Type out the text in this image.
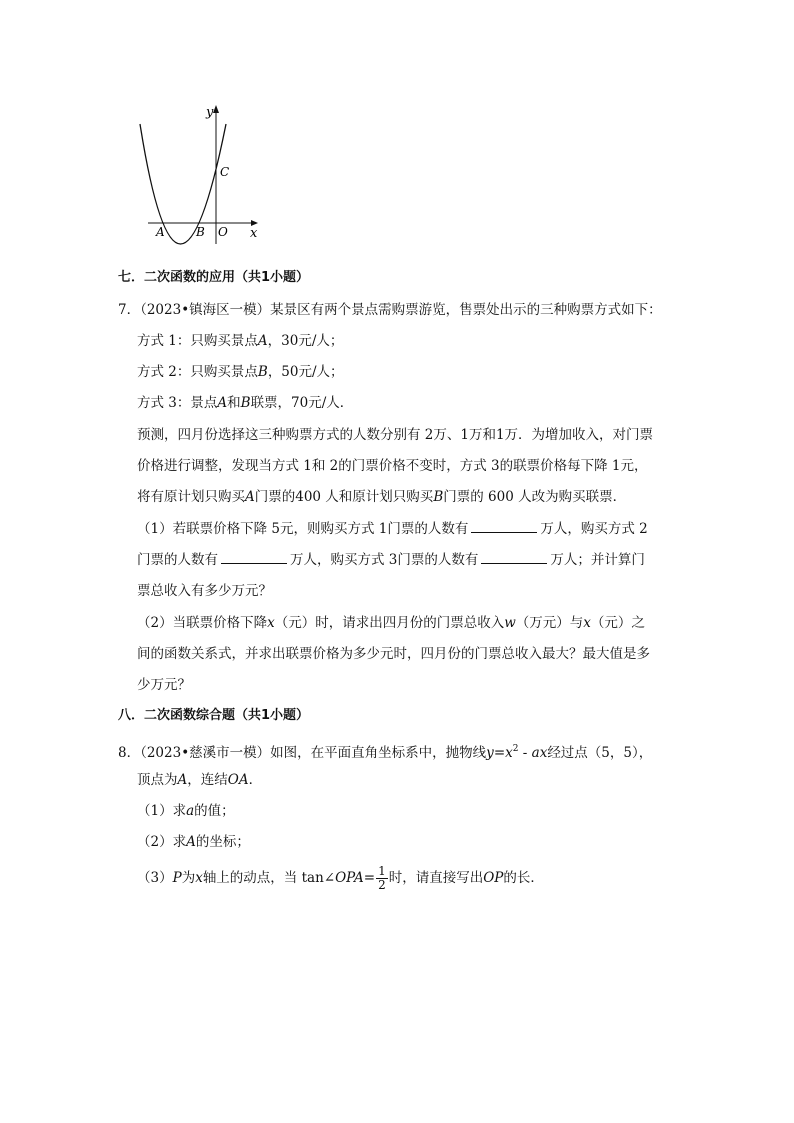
y
C
A	B O x
七．二次函数的应用（共1小题）
7．（2023•镇海区一模）某景区有两个景点需购票游览，售票处出示的三种购票方式如下：
方式 1：只购买景点A，30元/人；
方式 2：只购买景点B，50元/人；
方式 3：景点A和B联票，70元/人．
预测，四月份选择这三种购票方式的人数分别有 2万、1万和1万．为增加收入，对门票
价格进行调整，发现当方式 1和 2的门票价格不变时，方式 3的联票价格每下降 1元，
将有原计划只购买A门票的400 人和原计划只购买B门票的 600 人改为购买联票．
（1）若联票价格下降 5元，则购买方式 1门票的人数有	万人，购买方式 2
门票的人数有	万人，购买方式 3门票的人数有	万人；并计算门
票总收入有多少万元？
（2）当联票价格下降x（元）时，请求出四月份的门票总收入w（万元）与x（元）之
间的函数关系式，并求出联票价格为多少元时，四月份的门票总收入最大？最大值是多
少万元？
八．二次函数综合题（共1小题）
8．（2023•慈溪市一模）如图，在平面直角坐标系中，抛物线$y=x^2$ - ax经过点（5，5），
顶点为A，连结OA．
（1）求a的值；
（2）求A的坐标；
（3）P为x轴上的动点，当 tan∠OPA= $\frac{1}{2}$ 时，请直接写出OP的长．
